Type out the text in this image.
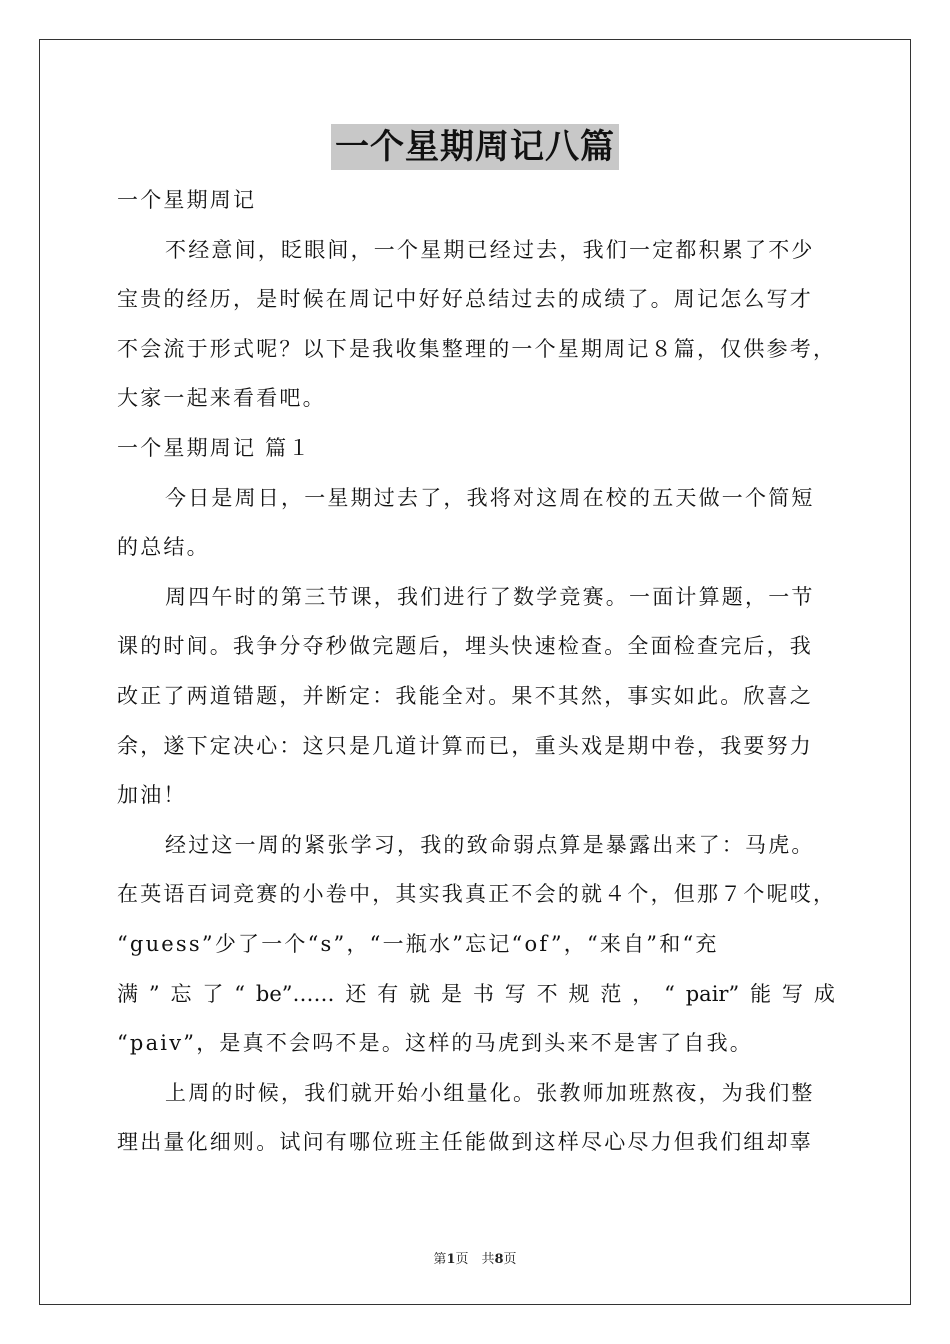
一个星期周记八篇
一个星期周记
不经意间，眨眼间，一个星期已经过去，我们一定都积累了不少
宝贵的经历，是时候在周记中好好总结过去的成绩了。周记怎么写才
不会流于形式呢？以下是我收集整理的一个星期周记８篇，仅供参考，
大家一起来看看吧。
一个星期周记 篇１
今日是周日，一星期过去了，我将对这周在校的五天做一个简短
的总结。
周四午时的第三节课，我们进行了数学竞赛。一面计算题，一节
课的时间。我争分夺秒做完题后，埋头快速检查。全面检查完后，我
改正了两道错题，并断定：我能全对。果不其然，事实如此。欣喜之
余，遂下定决心：这只是几道计算而已，重头戏是期中卷，我要努力
加油！
经过这一周的紧张学习，我的致命弱点算是暴露出来了：马虎。
在英语百词竞赛的小卷中，其实我真正不会的就４个，但那７个呢哎，
“guess”少了一个“s”，“一瓶水”忘记“of”，“来自”和“充
满 ” 忘 了 “ be”…… 还 有 就 是 书 写 不 规 范 ， “ pair” 能 写 成
“paiv”，是真不会吗不是。这样的马虎到头来不是害了自我。
上周的时候，我们就开始小组量化。张教师加班熬夜，为我们整
理出量化细则。试问有哪位班主任能做到这样尽心尽力但我们组却辜
第1页　共8页
